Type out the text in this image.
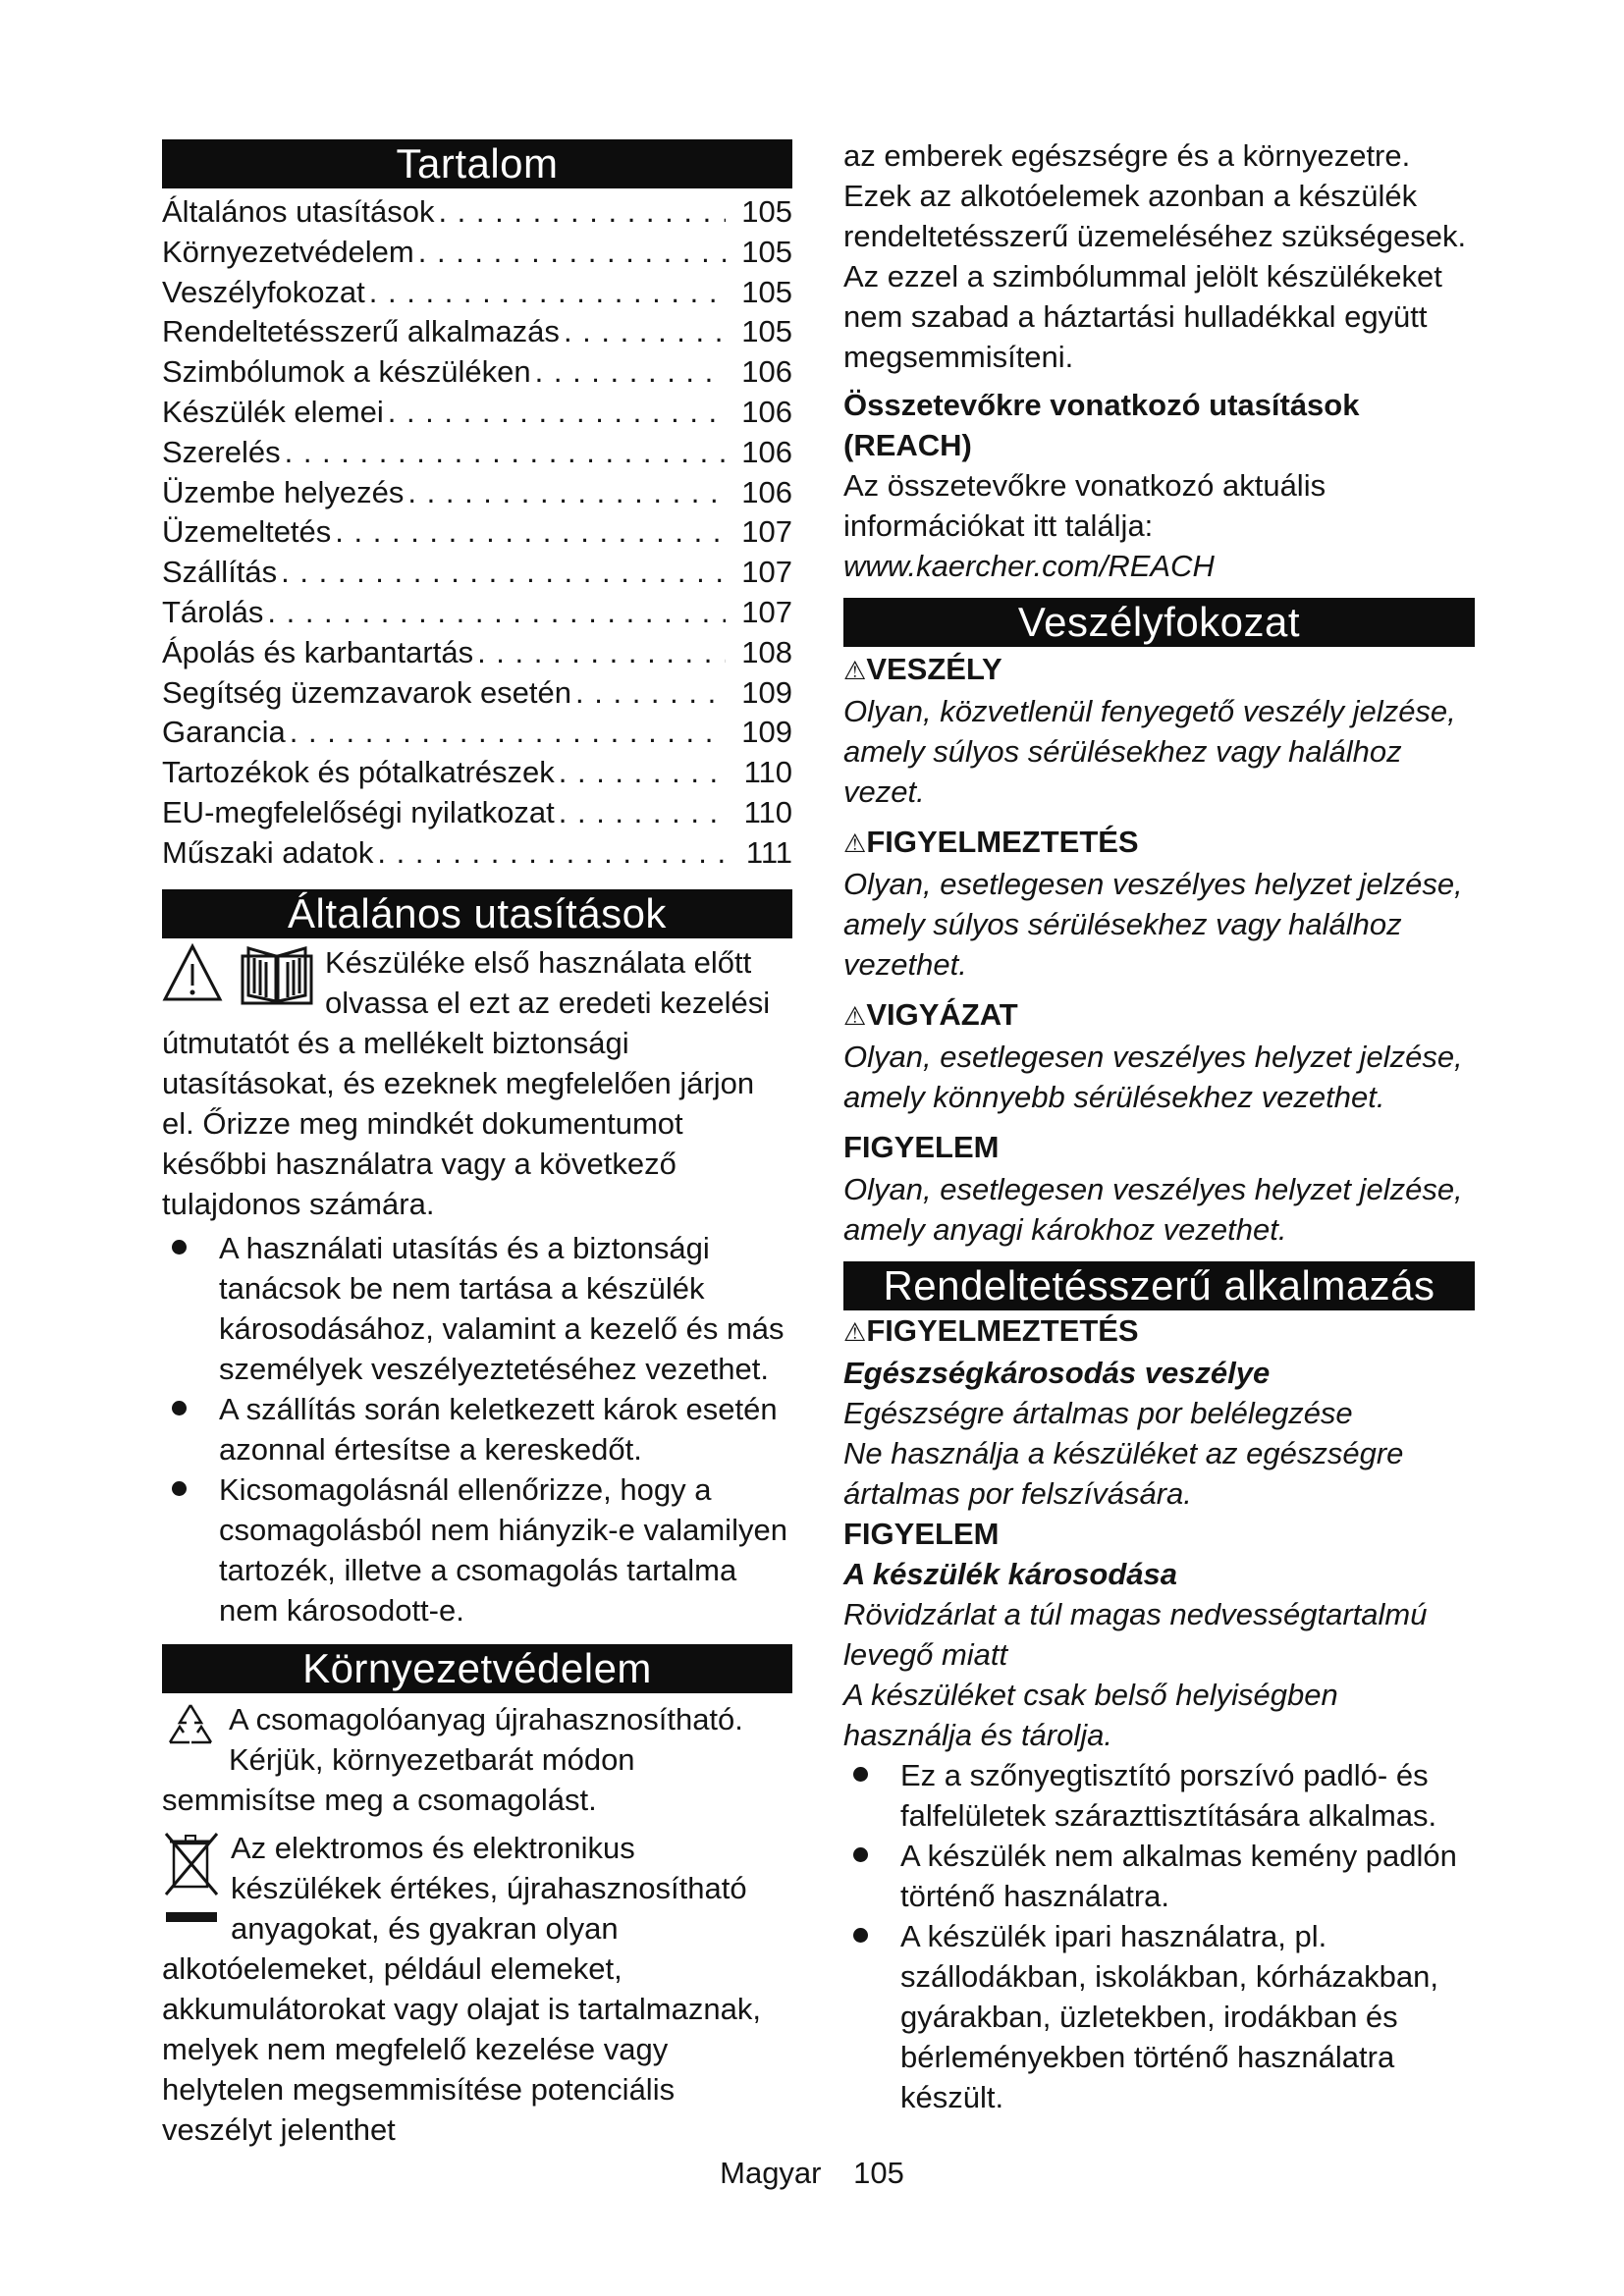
Tartalom
Általános utasítások . . .	105
Környezetvédelem . . .	105
Veszélyfokozat . . .	105
Rendeltetésszerű alkalmazás . . .	105
Szimbólumok a készüléken . . .	106
Készülék elemei . . .	106
Szerelés . . .	106
Üzembe helyezés . . .	106
Üzemeltetés . . .	107
Szállítás . . .	107
Tárolás . . .	107
Ápolás és karbantartás . . .	108
Segítség üzemzavarok esetén . . .	109
Garancia . . .	109
Tartozékok és pótalkatrészek . . .	110
EU-megfelelőségi nyilatkozat . . .	110
Műszaki adatok . . .	111
Általános utasítások

Készüléke első használata előtt olvassa el ezt az eredeti kezelési útmutatót és a mellékelt biztonsági utasításokat, és ezeknek megfelelően járjon el. Őrizze meg mindkét dokumentumot későbbi használatra vagy a következő tulajdonos számára.

A használati utasítás és a biztonsági tanácsok be nem tartása a készülék károsodásához, valamint a kezelő és más személyek veszélyeztetéséhez vezethet.
A szállítás során keletkezett károk esetén azonnal értesítse a kereskedőt.
Kicsomagolásnál ellenőrizze, hogy a csomagolásból nem hiányzik-e valamilyen tartozék, illetve a csomagolás tartalma nem károsodott-e.
Környezetvédelem

A csomagolóanyag újrahasznosítható. Kérjük, környezetbarát módon semmisítse meg a csomagolást.

Az elektromos és elektronikus készülékek értékes, újrahasznosítható anyagokat, és gyakran olyan alkotóelemeket, például elemeket, akkumulátorokat vagy olajat is tartalmaznak, melyek nem megfelelő kezelése vagy helytelen megsemmisítése potenciális veszélyt jelenthet

az emberek egészségre és a környezetre. Ezek az alkotóelemek azonban a készülék rendeltetésszerű üzemeléséhez szükségesek. Az ezzel a szimbólummal jelölt készülékeket nem szabad a háztartási hulladékkal együtt megsemmisíteni.

Összetevőkre vonatkozó utasítások (REACH)

Az összetevőkre vonatkozó aktuális információkat itt találja: www.kaercher.com/REACH

Veszélyfokozat

⚠VESZÉLY

Olyan, közvetlenül fenyegető veszély jelzése, amely súlyos sérülésekhez vagy halálhoz vezet.

⚠FIGYELMEZTETÉS

Olyan, esetlegesen veszélyes helyzet jelzése, amely súlyos sérülésekhez vagy halálhoz vezethet.

⚠VIGYÁZAT

Olyan, esetlegesen veszélyes helyzet jelzése, amely könnyebb sérülésekhez vezethet.

FIGYELEM

Olyan, esetlegesen veszélyes helyzet jelzése, amely anyagi károkhoz vezethet.

Rendeltetésszerű alkalmazás

⚠FIGYELMEZTETÉS

Egészségkárosodás veszélye

Egészségre ártalmas por belélegzése

Ne használja a készüléket az egészségre ártalmas por felszívására.

FIGYELEM

A készülék károsodása

Rövidzárlat a túl magas nedvességtartalmú levegő miatt

A készüléket csak belső helyiségben használja és tárolja.

Ez a szőnyegtisztító porszívó padló- és falfelületek szárazttisztítására alkalmas.
A készülék nem alkalmas kemény padlón történő használatra.
A készülék ipari használatra, pl. szállodákban, iskolákban, kórházakban, gyárakban, üzletekben, irodákban és bérleményekben történő használatra készült.
Magyar 105
